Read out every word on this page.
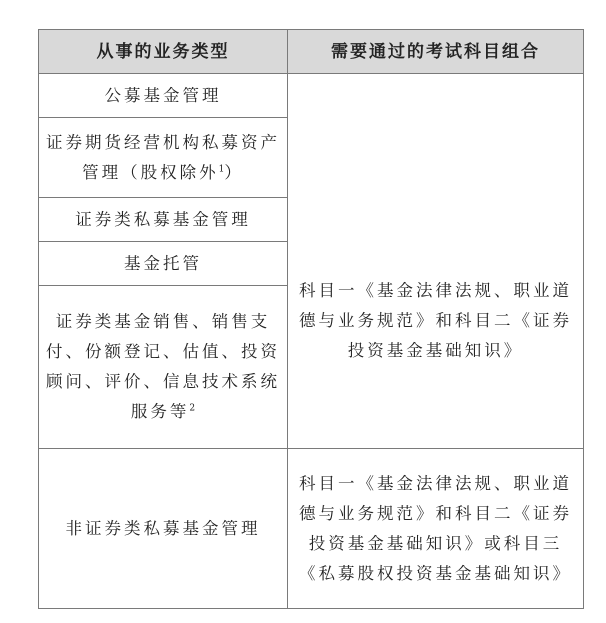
从事的业务类型	需要通过的考试科目组合
公募基金管理	科目一《基金法律法规、职业道德与业务规范》和科目二《证券投资基金基础知识》

证券期货经营机构私募资产管理（股权除外$^1$）	
证券类私募基金管理	
基金托管	
证券类基金销售、销售支付、份额登记、估值、投资顾问、评价、信息技术系统服务等$^2$
非证券类私募基金管理	科目一《基金法律法规、职业道德与业务规范》和科目二《证券投资基金基础知识》或科目三《私募股权投资基金基础知识》
